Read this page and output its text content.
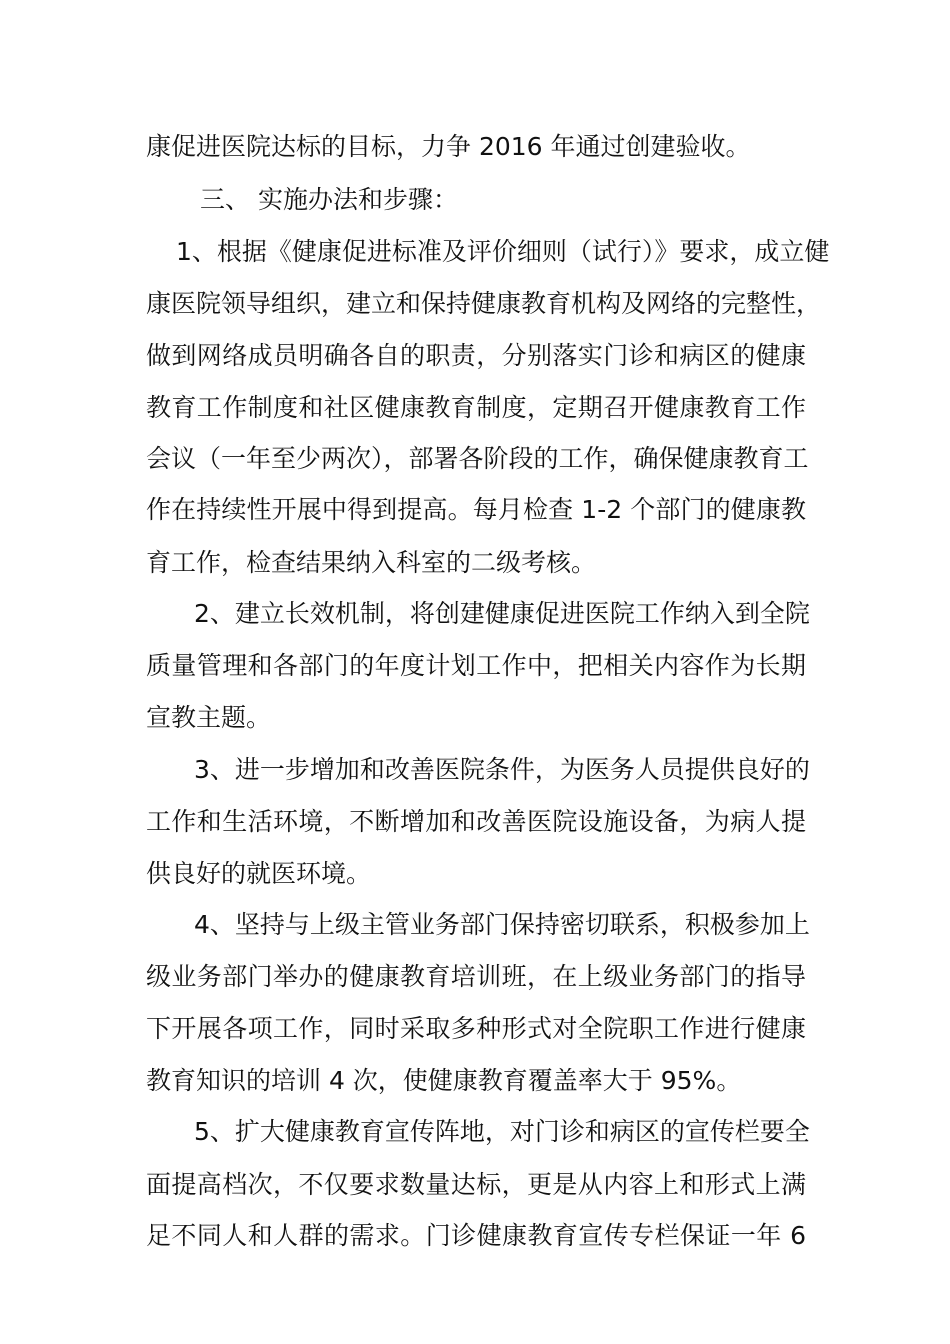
康促进医院达标的目标，力争 2016 年通过创建验收。
三、 实施办法和步骤：
1、根据《健康促进标准及评价细则（试行）》要求，成立健
康医院领导组织，建立和保持健康教育机构及网络的完整性，
做到网络成员明确各自的职责，分别落实门诊和病区的健康
教育工作制度和社区健康教育制度，定期召开健康教育工作
会议（一年至少两次），部署各阶段的工作，确保健康教育工
作在持续性开展中得到提高。每月检查 1-2 个部门的健康教
育工作，检查结果纳入科室的二级考核。
2、建立长效机制，将创建健康促进医院工作纳入到全院
质量管理和各部门的年度计划工作中，把相关内容作为长期
宣教主题。
3、进一步增加和改善医院条件，为医务人员提供良好的
工作和生活环境，不断增加和改善医院设施设备，为病人提
供良好的就医环境。
4、坚持与上级主管业务部门保持密切联系，积极参加上
级业务部门举办的健康教育培训班，在上级业务部门的指导
下开展各项工作，同时采取多种形式对全院职工作进行健康
教育知识的培训 4 次，使健康教育覆盖率大于 95%。
5、扩大健康教育宣传阵地，对门诊和病区的宣传栏要全
面提高档次，不仅要求数量达标，更是从内容上和形式上满
足不同人和人群的需求。门诊健康教育宣传专栏保证一年 6
